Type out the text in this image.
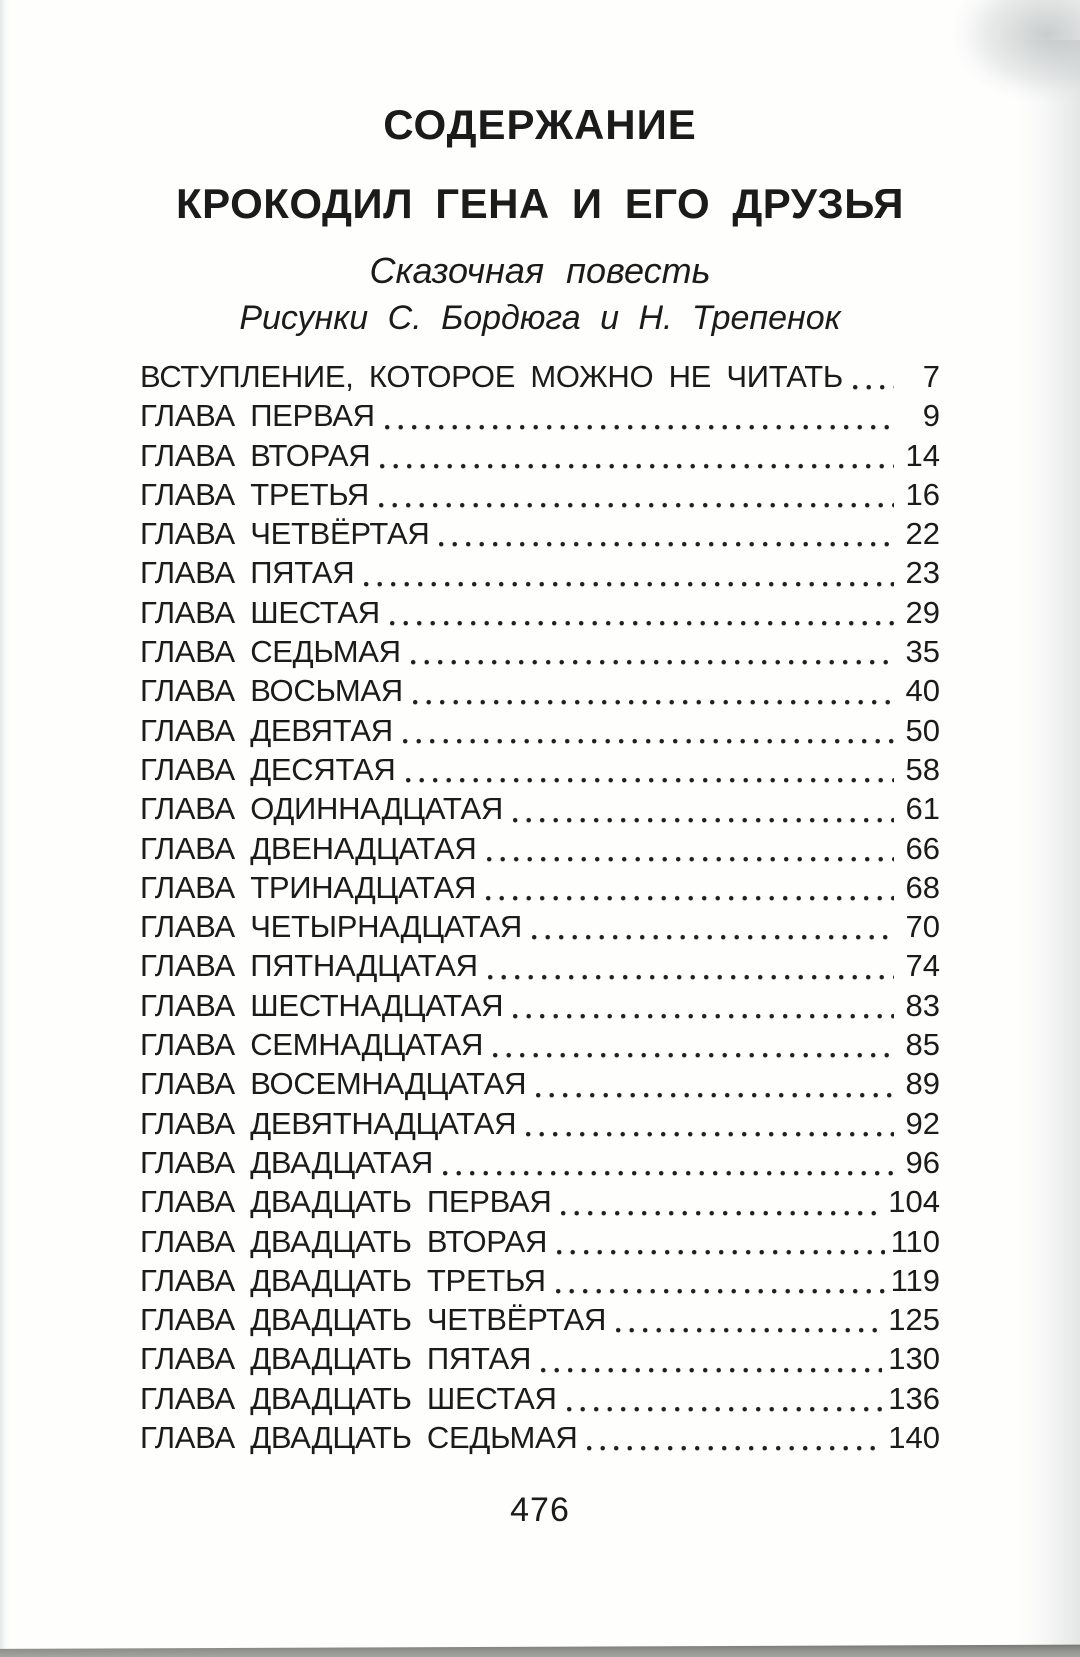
СОДЕРЖАНИЕ
КРОКОДИЛ ГЕНА И ЕГО ДРУЗЬЯ
Сказочная повесть
Рисунки С. Бордюга и Н. Трепенок
ВСТУПЛЕНИЕ, КОТОРОЕ МОЖНО НЕ ЧИТАТЬ	7
ГЛАВА ПЕРВАЯ	9
ГЛАВА ВТОРАЯ	14
ГЛАВА ТРЕТЬЯ	16
ГЛАВА ЧЕТВЁРТАЯ	22
ГЛАВА ПЯТАЯ	23
ГЛАВА ШЕСТАЯ	29
ГЛАВА СЕДЬМАЯ	35
ГЛАВА ВОСЬМАЯ	40
ГЛАВА ДЕВЯТАЯ	50
ГЛАВА ДЕСЯТАЯ	58
ГЛАВА ОДИННАДЦАТАЯ	61
ГЛАВА ДВЕНАДЦАТАЯ	66
ГЛАВА ТРИНАДЦАТАЯ	68
ГЛАВА ЧЕТЫРНАДЦАТАЯ	70
ГЛАВА ПЯТНАДЦАТАЯ	74
ГЛАВА ШЕСТНАДЦАТАЯ	83
ГЛАВА СЕМНАДЦАТАЯ	85
ГЛАВА ВОСЕМНАДЦАТАЯ	89
ГЛАВА ДЕВЯТНАДЦАТАЯ	92
ГЛАВА ДВАДЦАТАЯ	96
ГЛАВА ДВАДЦАТЬ ПЕРВАЯ	104
ГЛАВА ДВАДЦАТЬ ВТОРАЯ	110
ГЛАВА ДВАДЦАТЬ ТРЕТЬЯ	119
ГЛАВА ДВАДЦАТЬ ЧЕТВЁРТАЯ	125
ГЛАВА ДВАДЦАТЬ ПЯТАЯ	130
ГЛАВА ДВАДЦАТЬ ШЕСТАЯ	136
ГЛАВА ДВАДЦАТЬ СЕДЬМАЯ	140
476
